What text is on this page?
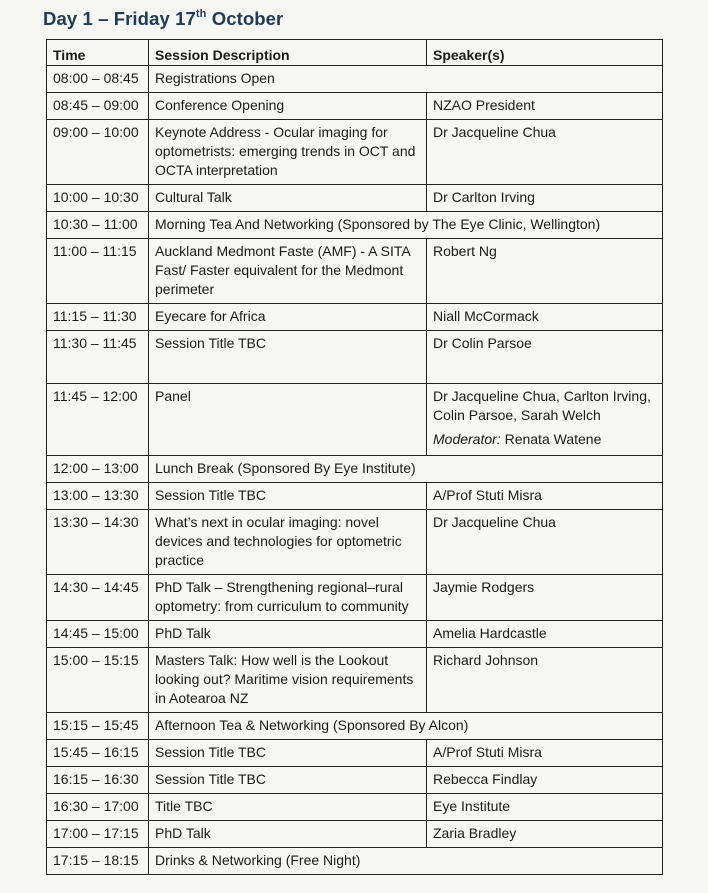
Day 1 – Friday 17th October
Time	Session Description	Speaker(s)
08:00 – 08:45	Registrations Open	
08:45 – 09:00	Conference Opening	NZAO President
09:00 – 10:00	Keynote Address - Ocular imaging for optometrists: emerging trends in OCT and OCTA interpretation	Dr Jacqueline Chua
10:00 – 10:30	Cultural Talk	Dr Carlton Irving
10:30 – 11:00	Morning Tea And Networking (Sponsored by The Eye Clinic, Wellington)	
11:00 – 11:15	Auckland Medmont Faste (AMF) - A SITA Fast/ Faster equivalent for the Medmont perimeter	Robert Ng
11:15 – 11:30	Eyecare for Africa	Niall McCormack
11:30 – 11:45	Session Title TBC	Dr Colin Parsoe
11:45 – 12:00	Panel	Dr Jacqueline Chua, Carlton Irving, Colin Parsoe, Sarah Welch
Moderator: Renata Watene

12:00 – 13:00	Lunch Break (Sponsored By Eye Institute)	
13:00 – 13:30	Session Title TBC	A/Prof Stuti Misra
13:30 – 14:30	What’s next in ocular imaging: novel devices and technologies for optometric practice	Dr Jacqueline Chua
14:30 – 14:45	PhD Talk – Strengthening regional–rural optometry: from curriculum to community	Jaymie Rodgers
14:45 – 15:00	PhD Talk	Amelia Hardcastle
15:00 – 15:15	Masters Talk: How well is the Lookout looking out? Maritime vision requirements in Aotearoa NZ	Richard Johnson
15:15 – 15:45	Afternoon Tea & Networking (Sponsored By Alcon)	
15:45 – 16:15	Session Title TBC	A/Prof Stuti Misra
16:15 – 16:30	Session Title TBC	Rebecca Findlay
16:30 – 17:00	Title TBC	Eye Institute
17:00 – 17:15	PhD Talk	Zaria Bradley
17:15 – 18:15	Drinks & Networking (Free Night)	
